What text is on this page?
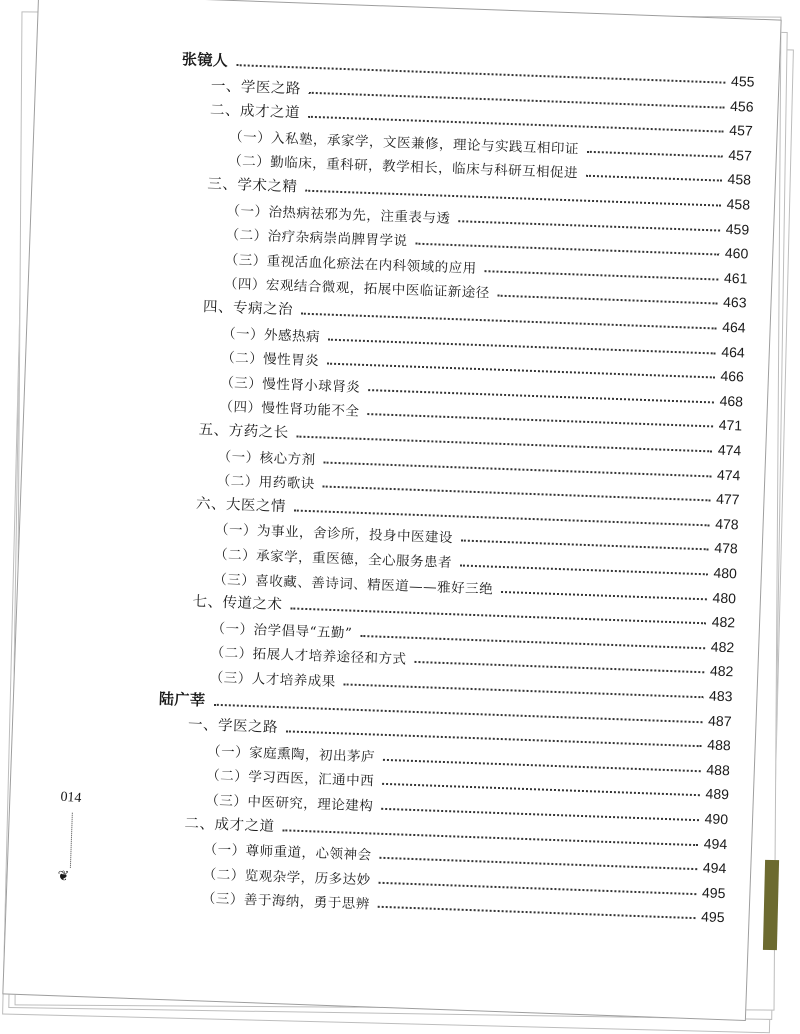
张镜人
455
一、学医之路
456
二、成才之道
457
（一）入私塾，承家学，文医兼修，理论与实践互相印证	457
（二）勤临床，重科研，教学相长，临床与科研互相促进	458
三、学术之精
458
（一）治热病祛邪为先，注重表与透
459
（二）治疗杂病崇尚脾胃学说
460
（三）重视活血化瘀法在内科领域的应用
461
（四）宏观结合微观，拓展中医临证新途径
463
四、专病之治
464
（一）外感热病
464
（二）慢性胃炎
466
（三）慢性肾小球肾炎
468
（四）慢性肾功能不全
471
五、方药之长
474
（一）核心方剂
474
（二）用药歌诀
477
六、大医之情
478
（一）为事业，舍诊所，投身中医建设
478
（二）承家学，重医德，全心服务患者
480
（三）喜收藏、善诗词、精医道——雅好三绝
480
七、传道之术
482
（一）治学倡导“五勤”
482
（二）拓展人才培养途径和方式
482
（三）人才培养成果
483
陆广莘
487
一、学医之路
488
（一）家庭熏陶，初出茅庐
488
（二）学习西医，汇通中西
489
（三）中医研究，理论建构
490
二、成才之道
494
（一）尊师重道，心领神会
494
（二）览观杂学，历多达妙
495
（三）善于海纳，勇于思辨
495
014
❦
